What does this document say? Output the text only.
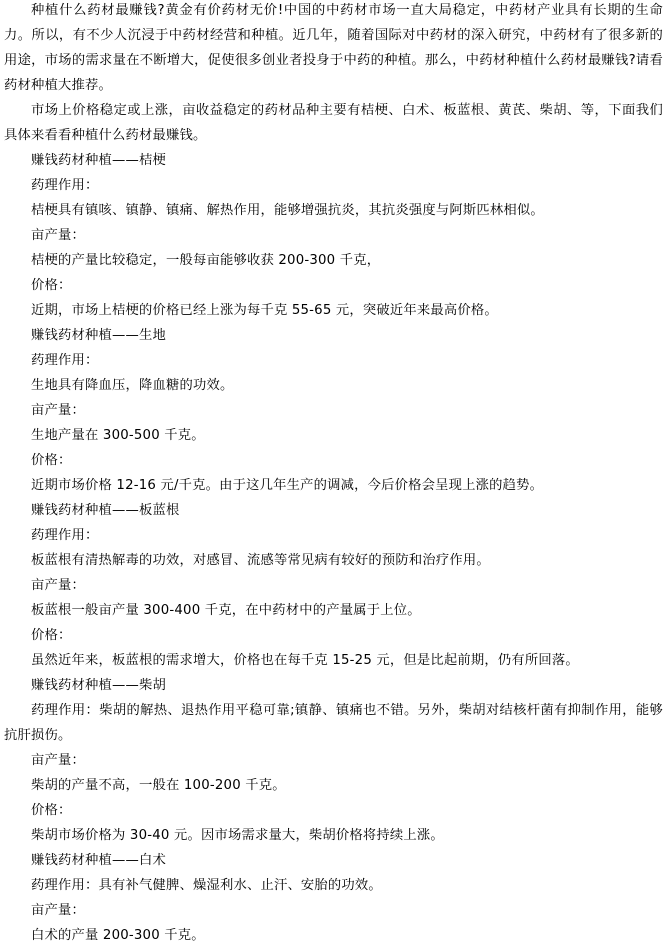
种植什么药材最赚钱?黄金有价药材无价!中国的中药材市场一直大局稳定，中药材产业具有长期的生命力。所以，有不少人沉浸于中药材经营和种植。近几年，随着国际对中药材的深入研究，中药材有了很多新的用途，市场的需求量在不断增大，促使很多创业者投身于中药的种植。那么，中药材种植什么药材最赚钱?请看药材种植大推荐。

市场上价格稳定或上涨，亩收益稳定的药材品种主要有桔梗、白术、板蓝根、黄芪、柴胡、等，下面我们具体来看看种植什么药材最赚钱。

赚钱药材种植——桔梗

药理作用：

桔梗具有镇咳、镇静、镇痛、解热作用，能够增强抗炎，其抗炎强度与阿斯匹林相似。

亩产量：

桔梗的产量比较稳定，一般每亩能够收获 200-300 千克，

价格：

近期，市场上桔梗的价格已经上涨为每千克 55-65 元，突破近年来最高价格。

赚钱药材种植——生地

药理作用：

生地具有降血压，降血糖的功效。

亩产量：

生地产量在 300-500 千克。

价格：

近期市场价格 12-16 元/千克。由于这几年生产的调减，今后价格会呈现上涨的趋势。

赚钱药材种植——板蓝根

药理作用：

板蓝根有清热解毒的功效，对感冒、流感等常见病有较好的预防和治疗作用。

亩产量：

板蓝根一般亩产量 300-400 千克，在中药材中的产量属于上位。

价格：

虽然近年来，板蓝根的需求增大，价格也在每千克 15-25 元，但是比起前期，仍有所回落。

赚钱药材种植——柴胡

药理作用：柴胡的解热、退热作用平稳可靠;镇静、镇痛也不错。另外，柴胡对结核杆菌有抑制作用，能够抗肝损伤。

亩产量：

柴胡的产量不高，一般在 100-200 千克。

价格：

柴胡市场价格为 30-40 元。因市场需求量大，柴胡价格将持续上涨。

赚钱药材种植——白术

药理作用：具有补气健脾、燥湿利水、止汗、安胎的功效。

亩产量：

白术的产量 200-300 千克。
